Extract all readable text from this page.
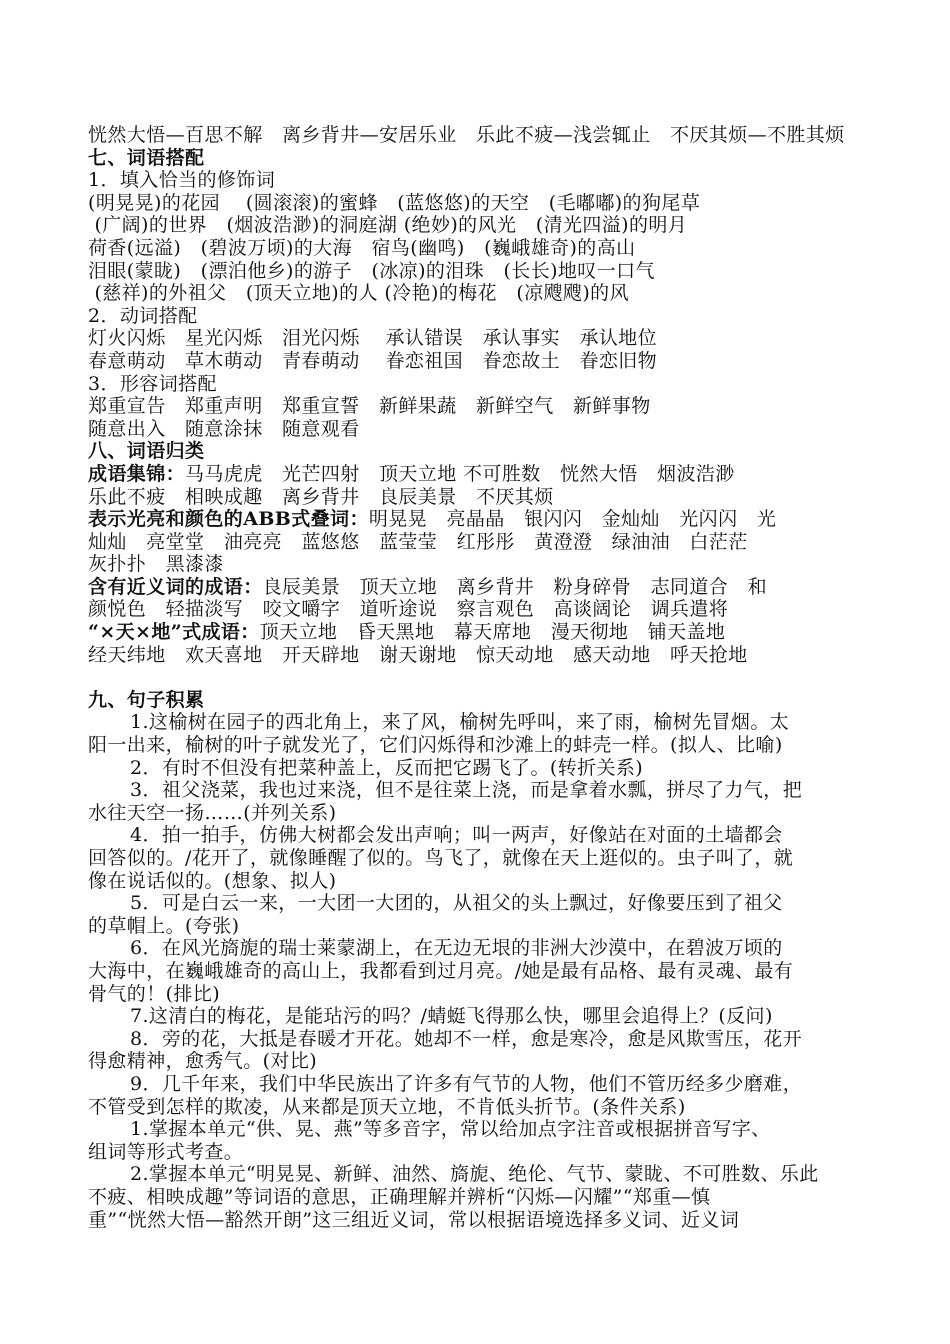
恍然大悟—百思不解　离乡背井—安居乐业　乐此不疲—浅尝辄止　不厌其烦—不胜其烦
七、词语搭配
1．填入恰当的修饰词
(明晃晃)的花园　 (圆滚滚)的蜜蜂　(蓝悠悠)的天空　(毛嘟嘟)的狗尾草
(广阔)的世界　(烟波浩渺)的洞庭湖 (绝妙)的风光　(清光四溢)的明月
荷香(远溢)　(碧波万顷)的大海　宿鸟(幽鸣)　(巍峨雄奇)的高山
泪眼(蒙眬)　(漂泊他乡)的游子　(冰凉)的泪珠　(长长)地叹一口气
(慈祥)的外祖父　(顶天立地)的人 (冷艳)的梅花　(凉飕飕)的风
2．动词搭配
灯火闪烁　星光闪烁　泪光闪烁　 承认错误　承认事实　承认地位
春意萌动　草木萌动　青春萌动　 眷恋祖国　眷恋故土　眷恋旧物
3．形容词搭配
郑重宣告　郑重声明　郑重宣誓　新鲜果蔬　新鲜空气　新鲜事物
随意出入　随意涂抹　随意观看
八、词语归类
成语集锦：马马虎虎　光芒四射　顶天立地 不可胜数　恍然大悟　烟波浩渺
乐此不疲　相映成趣　离乡背井　良辰美景　不厌其烦
表示光亮和颜色的ABB式叠词：明晃晃　亮晶晶　银闪闪　金灿灿　光闪闪　光
灿灿　亮堂堂　油亮亮　蓝悠悠　蓝莹莹　红彤彤　黄澄澄　绿油油　白茫茫
灰扑扑　黑漆漆
含有近义词的成语：良辰美景　顶天立地　离乡背井　粉身碎骨　志同道合　和
颜悦色　轻描淡写　咬文嚼字　道听途说　察言观色　高谈阔论　调兵遣将
“×天×地”式成语：顶天立地　昏天黑地　幕天席地　漫天彻地　铺天盖地
经天纬地　欢天喜地　开天辟地　谢天谢地　惊天动地　感天动地　呼天抢地
九、句子积累
1.这榆树在园子的西北角上，来了风，榆树先呼叫，来了雨，榆树先冒烟。太
阳一出来，榆树的叶子就发光了，它们闪烁得和沙滩上的蚌壳一样。(拟人、比喻)
2．有时不但没有把菜种盖上，反而把它踢飞了。(转折关系)
3．祖父浇菜，我也过来浇，但不是往菜上浇，而是拿着水瓢，拼尽了力气，把
水往天空一扬……(并列关系)
4．拍一拍手，仿佛大树都会发出声响；叫一两声，好像站在对面的土墙都会
回答似的。/花开了，就像睡醒了似的。鸟飞了，就像在天上逛似的。虫子叫了，就
像在说话似的。(想象、拟人)
5．可是白云一来，一大团一大团的，从祖父的头上飘过，好像要压到了祖父
的草帽上。(夸张)
6．在风光旖旎的瑞士莱蒙湖上，在无边无垠的非洲大沙漠中，在碧波万顷的
大海中，在巍峨雄奇的高山上，我都看到过月亮。/她是最有品格、最有灵魂、最有
骨气的！(排比)
7.这清白的梅花，是能玷污的吗？/蜻蜓飞得那么快，哪里会追得上？(反问)
8．旁的花，大抵是春暖才开花。她却不一样，愈是寒冷，愈是风欺雪压，花开
得愈精神，愈秀气。(对比)
9．几千年来，我们中华民族出了许多有气节的人物，他们不管历经多少磨难，
不管受到怎样的欺凌，从来都是顶天立地，不肯低头折节。(条件关系)
1.掌握本单元“供、晃、燕”等多音字，常以给加点字注音或根据拼音写字、
组词等形式考查。
2.掌握本单元“明晃晃、新鲜、油然、旖旎、绝伦、气节、蒙眬、不可胜数、乐此
不疲、相映成趣”等词语的意思，正确理解并辨析“闪烁—闪耀”“郑重—慎
重”“恍然大悟—豁然开朗”这三组近义词，常以根据语境选择多义词、近义词
